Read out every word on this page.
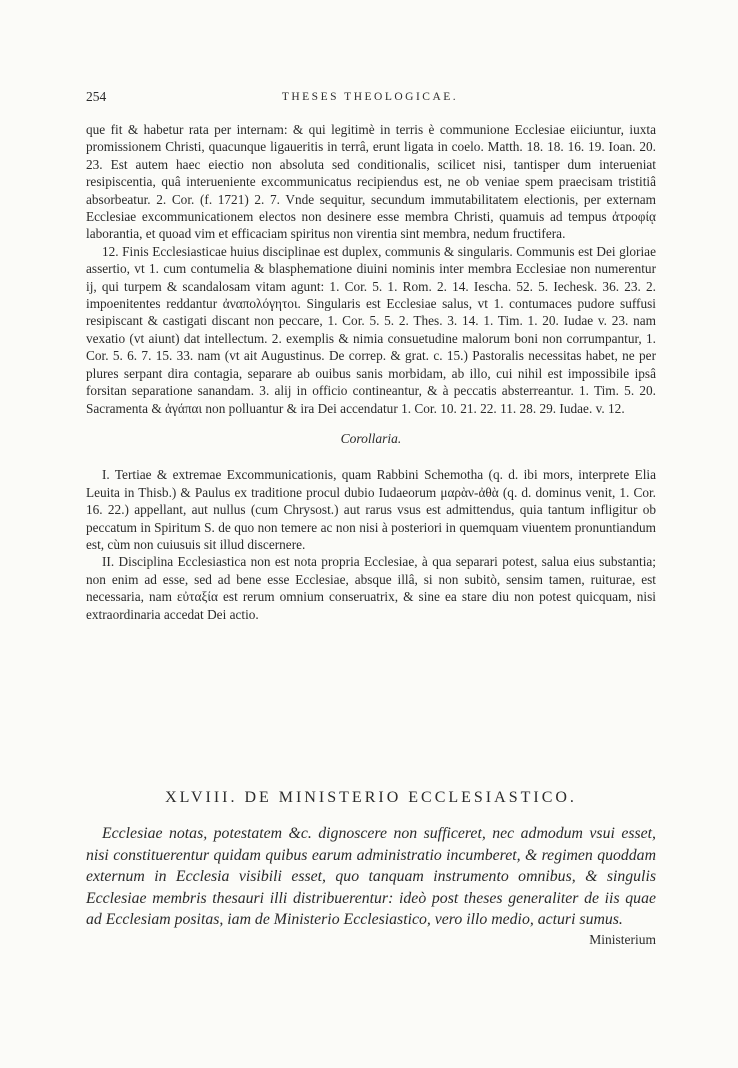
254	THESES THEOLOGICAE.

que fit & habetur rata per internam: & qui legitimè in terris è communione Ecclesiae eiiciuntur, iuxta promissionem Christi, quacunque ligaueritis in terrâ, erunt ligata in coelo. Matth. 18. 18. 16. 19. Ioan. 20. 23. Est autem haec eiectio non absoluta sed conditionalis, scilicet nisi, tantisper dum interueniat resipiscentia, quâ interueniente excommunicatus recipiendus est, ne ob veniae spem praecisam tristitiâ absorbeatur. 2. Cor. (f. 1721) 2. 7. Vnde sequitur, secundum immutabilitatem electionis, per externam Ecclesiae excommunicationem electos non desinere esse membra Christi, quamuis ad tempus ἀτροφίᾳ laborantia, et quoad vim et efficaciam spiritus non virentia sint membra, nedum fructifera.

12. Finis Ecclesiasticae huius disciplinae est duplex, communis & singularis. Communis est Dei gloriae assertio, vt 1. cum contumelia & blasphematione diuini nominis inter membra Ecclesiae non numerentur ij, qui turpem & scandalosam vitam agunt: 1. Cor. 5. 1. Rom. 2. 14. Iescha. 52. 5. Iechesk. 36. 23. 2. impoenitentes reddantur ἀναπολόγητοι. Singularis est Ecclesiae salus, vt 1. contumaces pudore suffusi resipiscant & castigati discant non peccare, 1. Cor. 5. 5. 2. Thes. 3. 14. 1. Tim. 1. 20. Iudae v. 23. nam vexatio (vt aiunt) dat intellectum. 2. exemplis & nimia consuetudine malorum boni non corrumpantur, 1. Cor. 5. 6. 7. 15. 33. nam (vt ait Augustinus. De correp. & grat. c. 15.) Pastoralis necessitas habet, ne per plures serpant dira contagia, separare ab ouibus sanis morbidam, ab illo, cui nihil est impossibile ipsâ forsitan separatione sanandam. 3. alij in officio contineantur, & à peccatis absterreantur. 1. Tim. 5. 20. Sacramenta & ἀγάπαι non polluantur & ira Dei accendatur 1. Cor. 10. 21. 22. 11. 28. 29. Iudae. v. 12.

Corollaria.

I. Tertiae & extremae Excommunicationis, quam Rabbini Schemotha (q. d. ibi mors, interprete Elia Leuita in Thisb.) & Paulus ex traditione procul dubio Iudaeorum μαρὰν-ἀθὰ (q. d. dominus venit, 1. Cor. 16. 22.) appellant, aut nullus (cum Chrysost.) aut rarus vsus est admittendus, quia tantum infligitur ob peccatum in Spiritum S. de quo non temere ac non nisi à posteriori in quemquam viuentem pronuntiandum est, cùm non cuiusuis sit illud discernere.

II. Disciplina Ecclesiastica non est nota propria Ecclesiae, à qua separari potest, salua eius substantia; non enim ad esse, sed ad bene esse Ecclesiae, absque illâ, si non subitò, sensim tamen, ruiturae, est necessaria, nam εὐταξία est rerum omnium conseruatrix, & sine ea stare diu non potest quicquam, nisi extraordinaria accedat Dei actio.

XLVIII. DE MINISTERIO ECCLESIASTICO.

Ecclesiae notas, potestatem &c. dignoscere non sufficeret, nec admodum vsui esset, nisi constituerentur quidam quibus earum administratio incumberet, & regimen quoddam externum in Ecclesia visibili esset, quo tanquam instrumento omnibus, & singulis Ecclesiae membris thesauri illi distribuerentur: ideò post theses generaliter de iis quae ad Ecclesiam positas, iam de Ministerio Ecclesiastico, vero illo medio, acturi sumus.

Ministerium
